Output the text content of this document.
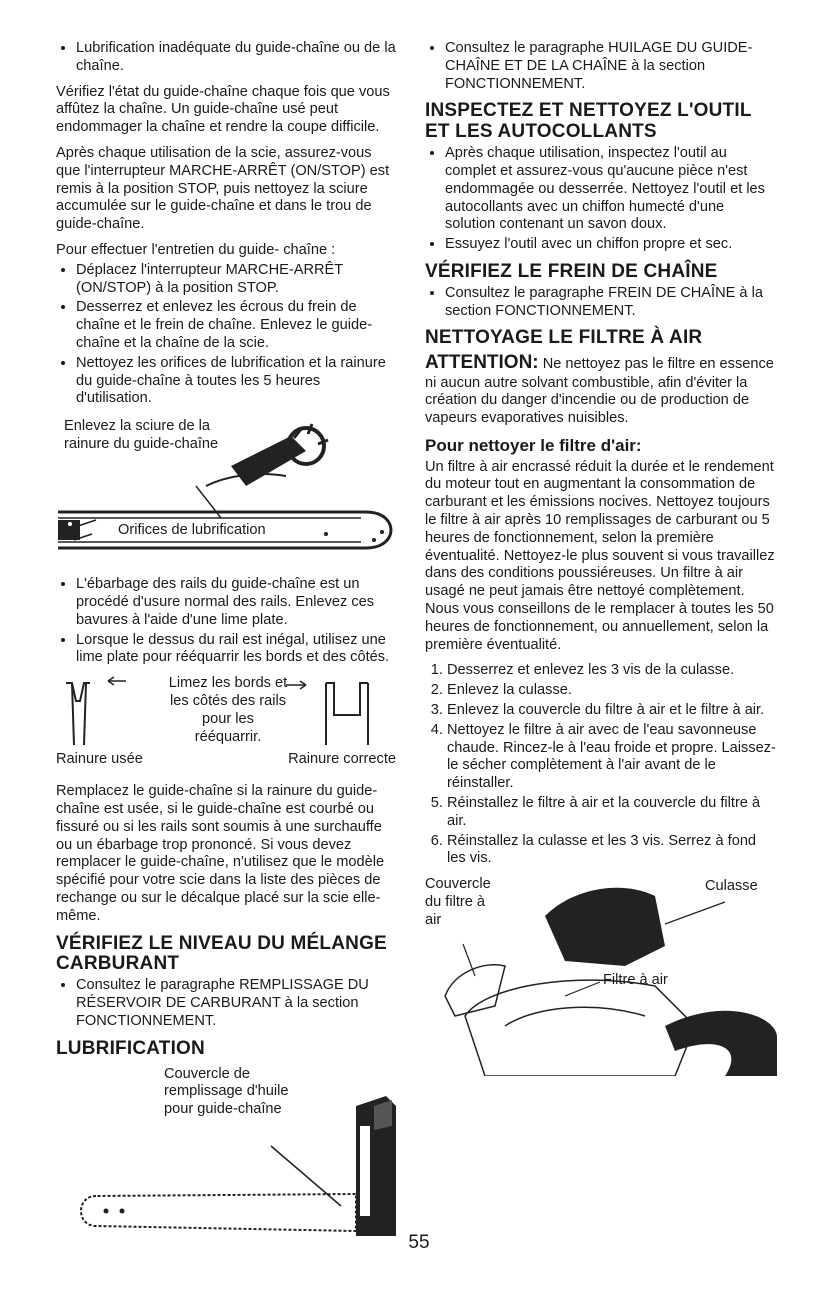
• Lubrification inadéquate du guide-chaîne ou de la chaîne.

Vérifiez l'état du guide-chaîne chaque fois que vous affûtez la chaîne. Un guide-chaîne usé peut endommager la chaîne et rendre la coupe difficile.

Après chaque utilisation de la scie, assurez-vous que l'interrupteur MARCHE-ARRÊT (ON/STOP) est remis à la position STOP, puis nettoyez la sciure accumulée sur le guide-chaîne et dans le trou de guide-chaîne.

Pour effectuer l'entretien du guide- chaîne :

• Déplacez l'interrupteur MARCHE-ARRÊT (ON/STOP) à la position STOP.
• Desserrez et enlevez les écrous du frein de chaîne et le frein de chaîne. Enlevez le guide-chaîne et la chaîne de la scie.
• Nettoyez les orifices de lubrification et la rainure du guide-chaîne à toutes les 5 heures d'utilisation.
Enlevez la sciure de la rainure du guide-chaîne
Orifices de lubrification
• L'ébarbage des rails du guide-chaîne est un procédé d'usure normal des rails. Enlevez ces bavures à l'aide d'une lime plate.
• Lorsque le dessus du rail est inégal, utilisez une lime plate pour rééquarrir les bords et des côtés.
Limez les bords et les côtés des rails pour les rééquarrir.
Rainure usée	Rainure correcte

Remplacez le guide-chaîne si la rainure du guide-chaîne est usée, si le guide-chaîne est courbé ou fissuré ou si les rails sont soumis à une surchauffe ou un ébarbage trop prononcé. Si vous devez remplacer le guide-chaîne, n'utilisez que le modèle spécifié pour votre scie dans la liste des pièces de rechange ou sur le décalque placé sur la scie elle-même.

VÉRIFIEZ LE NIVEAU DU MÉLANGE CARBURANT
• Consultez le paragraphe REMPLISSAGE DU RÉSERVOIR DE CARBURANT à la section FONCTIONNEMENT.
LUBRIFICATION
Couvercle de remplissage d'huile pour guide-chaîne
• Consultez le paragraphe HUILAGE DU GUIDE-CHAÎNE ET DE LA CHAÎNE à la section FONCTIONNEMENT.
INSPECTEZ ET NETTOYEZ L'OUTIL ET LES AUTOCOLLANTS
• Après chaque utilisation, inspectez l'outil au complet et assurez-vous qu'aucune pièce n'est endommagée ou desserrée. Nettoyez l'outil et les autocollants avec un chiffon humecté d'une solution contenant un savon doux.
• Essuyez l'outil avec un chiffon propre et sec.
VÉRIFIEZ LE FREIN DE CHAÎNE
• Consultez le paragraphe FREIN DE CHAÎNE à la section FONCTIONNEMENT.
NETTOYAGE LE FILTRE À AIR

ATTENTION: Ne nettoyez pas le filtre en essence ni aucun autre solvant combustible, afin d'éviter la création du danger d'incendie ou de production de vapeurs evaporatives nuisibles.

Pour nettoyer le filtre d'air:

Un filtre à air encrassé réduit la durée et le rendement du moteur tout en augmentant la consommation de carburant et les émissions nocives. Nettoyez toujours le filtre à air après 10 remplissages de carburant ou 5 heures de fonctionnement, selon la première éventualité. Nettoyez-le plus souvent si vous travaillez dans des conditions poussiéreuses. Un filtre à air usagé ne peut jamais être nettoyé complètement. Nous vous conseillons de le remplacer à toutes les 50 heures de fonctionnement, ou annuellement, selon la première éventualité.

1. Desserrez et enlevez les 3 vis de la culasse.
2. Enlevez la culasse.
3. Enlevez la couvercle du filtre à air et le filtre à air.
4. Nettoyez le filtre à air avec de l'eau savonneuse chaude. Rincez-le à l'eau froide et propre. Laissez-le sécher complètement à l'air avant de le réinstaller.
5. Réinstallez le filtre à air et la couvercle du filtre à air.
6. Réinstallez la culasse et les 3 vis. Serrez à fond les vis.
Couvercle du filtre à air
Culasse
Filtre à air
55
